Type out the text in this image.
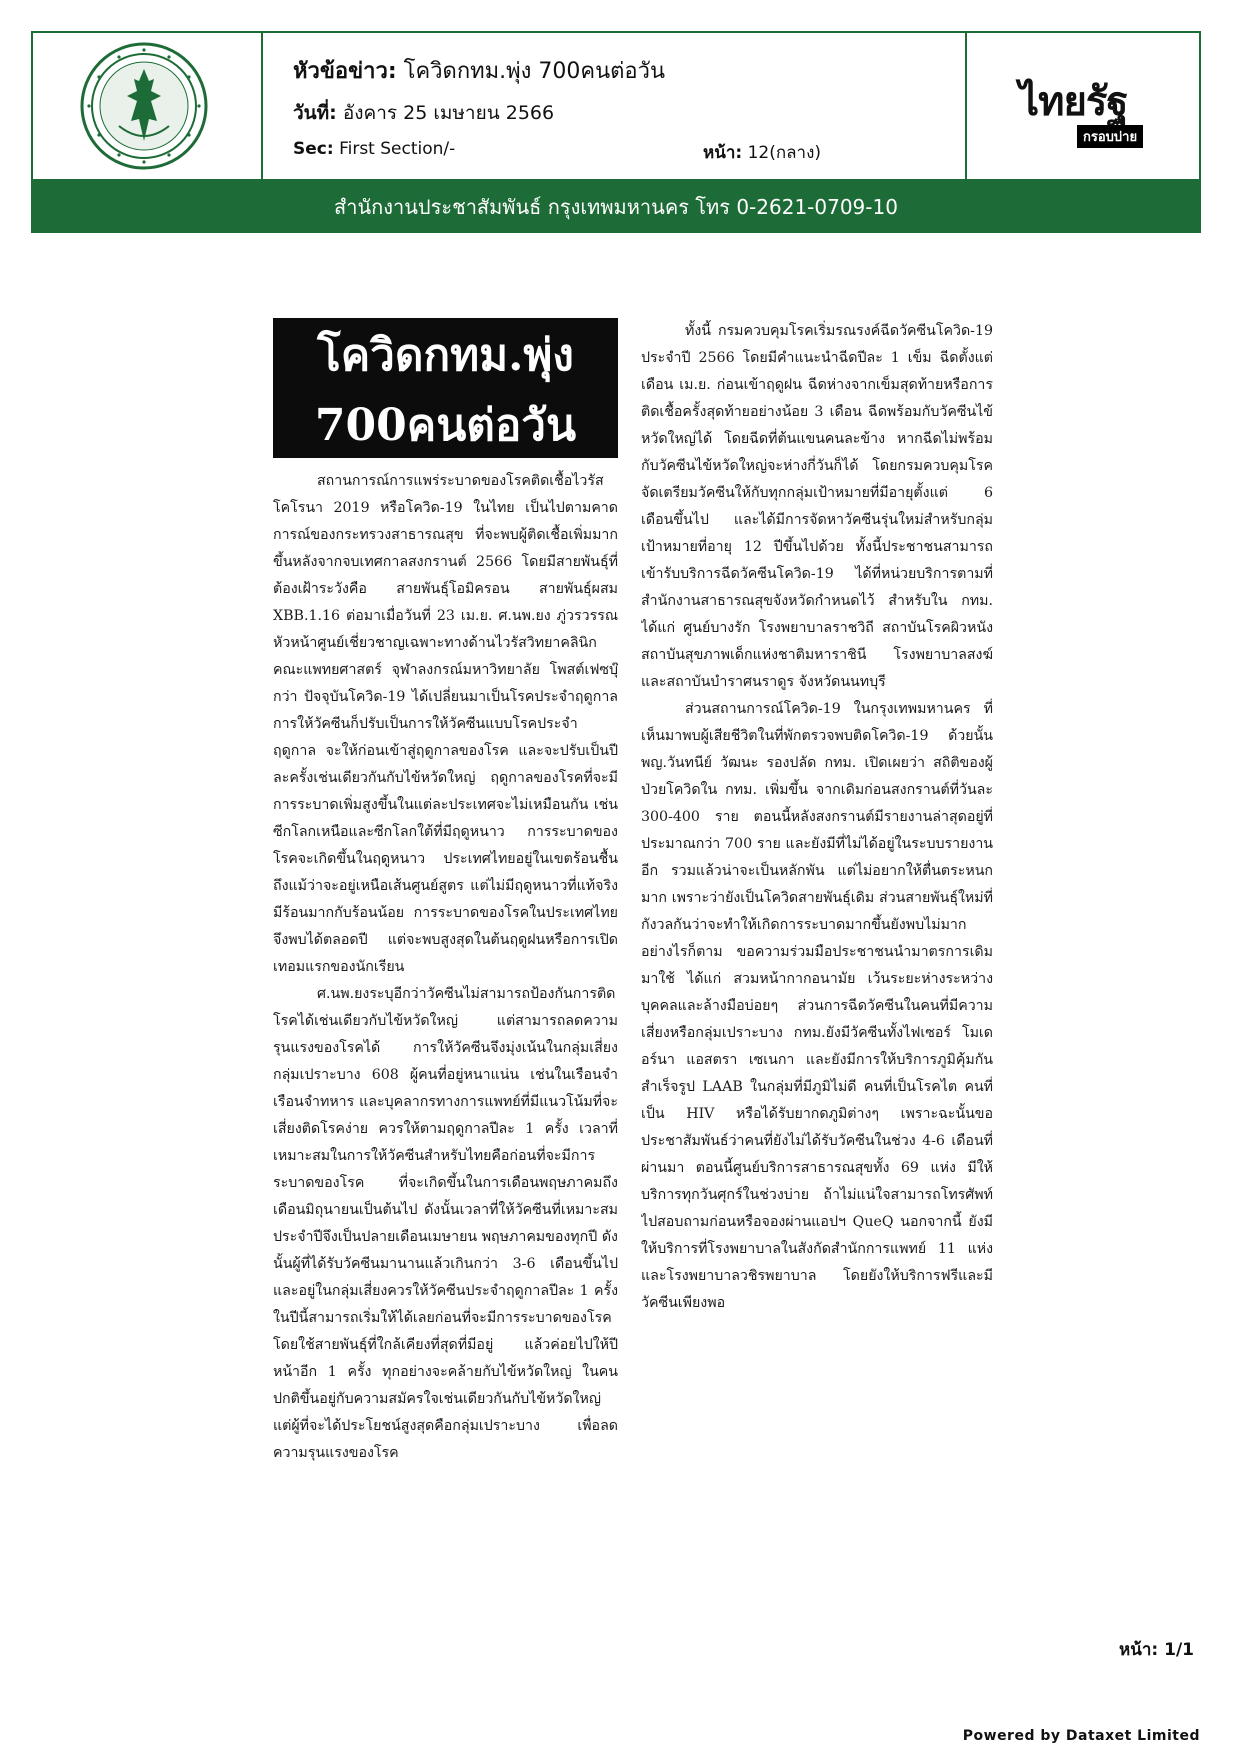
หัวข้อข่าว: โควิดกทม.พุ่ง 700คนต่อวัน
วันที่: อังคาร 25 เมษายน 2566
Sec: First Section/-	หน้า: 12(กลาง)
ไทยรัฐ
กรอบบ่าย
สำนักงานประชาสัมพันธ์ กรุงเทพมหานคร โทร 0-2621-0709-10
โควิดกทม.พุ่ง
700คนต่อวัน

สถานการณ์การแพร่ระบาดของโรคติดเชื้อไวรัสโคโรนา 2019 หรือโควิด-19 ในไทย เป็นไปตามคาดการณ์ของกระทรวงสาธารณสุข ที่จะพบผู้ติดเชื้อเพิ่มมากขึ้นหลังจากจบเทศกาลสงกรานต์ 2566 โดยมีสายพันธุ์ที่ต้องเฝ้าระวังคือ สายพันธุ์โอมิครอน สายพันธุ์ผสม XBB.1.16 ต่อมาเมื่อวันที่ 23 เม.ย. ศ.นพ.ยง ภู่วรวรรณ หัวหน้าศูนย์เชี่ยวชาญเฉพาะทางด้านไวรัสวิทยาคลินิก คณะแพทยศาสตร์ จุฬาลงกรณ์มหาวิทยาลัย โพสต์เฟซบุ๊กว่า ปัจจุบันโควิด-19 ได้เปลี่ยนมาเป็นโรคประจำฤดูกาลการให้วัคซีนก็ปรับเป็นการให้วัคซีนแบบโรคประจำฤดูกาล จะให้ก่อนเข้าสู่ฤดูกาลของโรค และจะปรับเป็นปีละครั้งเช่นเดียวกันกับไข้หวัดใหญ่ ฤดูกาลของโรคที่จะมีการระบาดเพิ่มสูงขึ้นในแต่ละประเทศจะไม่เหมือนกัน เช่น ซีกโลกเหนือและซีกโลกใต้ที่มีฤดูหนาว การระบาดของโรคจะเกิดขึ้นในฤดูหนาว ประเทศไทยอยู่ในเขตร้อนชื้น ถึงแม้ว่าจะอยู่เหนือเส้นศูนย์สูตร แต่ไม่มีฤดูหนาวที่แท้จริง มีร้อนมากกับร้อนน้อย การระบาดของโรคในประเทศไทยจึงพบได้ตลอดปี แต่จะพบสูงสุดในต้นฤดูฝนหรือการเปิดเทอมแรกของนักเรียน

ศ.นพ.ยงระบุอีกว่าวัคซีนไม่สามารถป้องกันการติดโรคได้เช่นเดียวกับไข้หวัดใหญ่ แต่สามารถลดความรุนแรงของโรคได้ การให้วัคซีนจึงมุ่งเน้นในกลุ่มเสี่ยง กลุ่มเปราะบาง 608 ผู้คนที่อยู่หนาแน่น เช่นในเรือนจำ เรือนจำทหาร และบุคลากรทางการแพทย์ที่มีแนวโน้มที่จะเสี่ยงติดโรคง่าย ควรให้ตามฤดูกาลปีละ 1 ครั้ง เวลาที่เหมาะสมในการให้วัคซีนสำหรับไทยคือก่อนที่จะมีการระบาดของโรค ที่จะเกิดขึ้นในการเดือนพฤษภาคมถึงเดือนมิถุนายนเป็นต้นไป ดังนั้นเวลาที่ให้วัคซีนที่เหมาะสมประจำปีจึงเป็นปลายเดือนเมษายน พฤษภาคมของทุกปี ดังนั้นผู้ที่ได้รับวัคซีนมานานแล้วเกินกว่า 3-6 เดือนขึ้นไปและอยู่ในกลุ่มเสี่ยงควรให้วัคซีนประจำฤดูกาลปีละ 1 ครั้ง ในปีนี้สามารถเริ่มให้ได้เลยก่อนที่จะมีการระบาดของโรค โดยใช้สายพันธุ์ที่ใกล้เคียงที่สุดที่มีอยู่ แล้วค่อยไปให้ปีหน้าอีก 1 ครั้ง ทุกอย่างจะคล้ายกับไข้หวัดใหญ่ ในคนปกติขึ้นอยู่กับความสมัครใจเช่นเดียวกันกับไข้หวัดใหญ่ แต่ผู้ที่จะได้ประโยชน์สูงสุดคือกลุ่มเปราะบาง เพื่อลดความรุนแรงของโรค

ทั้งนี้ กรมควบคุมโรคเริ่มรณรงค์ฉีดวัคซีนโควิด-19 ประจำปี 2566 โดยมีคำแนะนำฉีดปีละ 1 เข็ม ฉีดตั้งแต่เดือน เม.ย. ก่อนเข้าฤดูฝน ฉีดห่างจากเข็มสุดท้ายหรือการติดเชื้อครั้งสุดท้ายอย่างน้อย 3 เดือน ฉีดพร้อมกับวัคซีนไข้หวัดใหญ่ได้ โดยฉีดที่ต้นแขนคนละข้าง หากฉีดไม่พร้อมกับวัคซีนไข้หวัดใหญ่จะห่างกี่วันก็ได้ โดยกรมควบคุมโรคจัดเตรียมวัคซีนให้กับทุกกลุ่มเป้าหมายที่มีอายุตั้งแต่ 6 เดือนขึ้นไป และได้มีการจัดหาวัคซีนรุ่นใหม่สำหรับกลุ่มเป้าหมายที่อายุ 12 ปีขึ้นไปด้วย ทั้งนี้ประชาชนสามารถเข้ารับบริการฉีดวัคซีนโควิด-19 ได้ที่หน่วยบริการตามที่สำนักงานสาธารณสุขจังหวัดกำหนดไว้ สำหรับใน กทม. ได้แก่ ศูนย์บางรัก โรงพยาบาลราชวิถี สถาบันโรคผิวหนัง สถาบันสุขภาพเด็กแห่งชาติมหาราชินี โรงพยาบาลสงฆ์ และสถาบันบำราศนราดูร จังหวัดนนทบุรี

ส่วนสถานการณ์โควิด-19 ในกรุงเทพมหานคร ที่เห็นมาพบผู้เสียชีวิตในที่พักตรวจพบติดโควิด-19 ด้วยนั้น พญ.วันทนีย์ วัฒนะ รองปลัด กทม. เปิดเผยว่า สถิติของผู้ป่วยโควิดใน กทม. เพิ่มขึ้น จากเดิมก่อนสงกรานต์ที่วันละ 300-400 ราย ตอนนี้หลังสงกรานต์มีรายงานล่าสุดอยู่ที่ประมาณกว่า 700 ราย และยังมีที่ไม่ได้อยู่ในระบบรายงานอีก รวมแล้วน่าจะเป็นหลักพัน แต่ไม่อยากให้ตื่นตระหนกมาก เพราะว่ายังเป็นโควิดสายพันธุ์เดิม ส่วนสายพันธุ์ใหม่ที่กังวลกันว่าจะทำให้เกิดการระบาดมากขึ้นยังพบไม่มาก อย่างไรก็ตาม ขอความร่วมมือประชาชนนำมาตรการเดิมมาใช้ ได้แก่ สวมหน้ากากอนามัย เว้นระยะห่างระหว่างบุคคลและล้างมือบ่อยๆ ส่วนการฉีดวัคซีนในคนที่มีความเสี่ยงหรือกลุ่มเปราะบาง กทม.ยังมีวัคซีนทั้งไฟเซอร์ โมเดอร์นา แอสตรา เซเนกา และยังมีการให้บริการภูมิคุ้มกันสำเร็จรูป LAAB ในกลุ่มที่มีภูมิไม่ดี คนที่เป็นโรคไต คนที่เป็น HIV หรือได้รับยากดภูมิต่างๆ เพราะฉะนั้นขอประชาสัมพันธ์ว่าคนที่ยังไม่ได้รับวัคซีนในช่วง 4-6 เดือนที่ผ่านมา ตอนนี้ศูนย์บริการสาธารณสุขทั้ง 69 แห่ง มีให้บริการทุกวันศุกร์ในช่วงบ่าย ถ้าไม่แน่ใจสามารถโทรศัพท์ไปสอบถามก่อนหรือจองผ่านแอปฯ QueQ นอกจากนี้ ยังมีให้บริการที่โรงพยาบาลในสังกัดสำนักการแพทย์ 11 แห่งและโรงพยาบาลวชิรพยาบาล โดยยังให้บริการฟรีและมีวัคซีนเพียงพอ

หน้า: 1/1
Powered by Dataxet Limited
